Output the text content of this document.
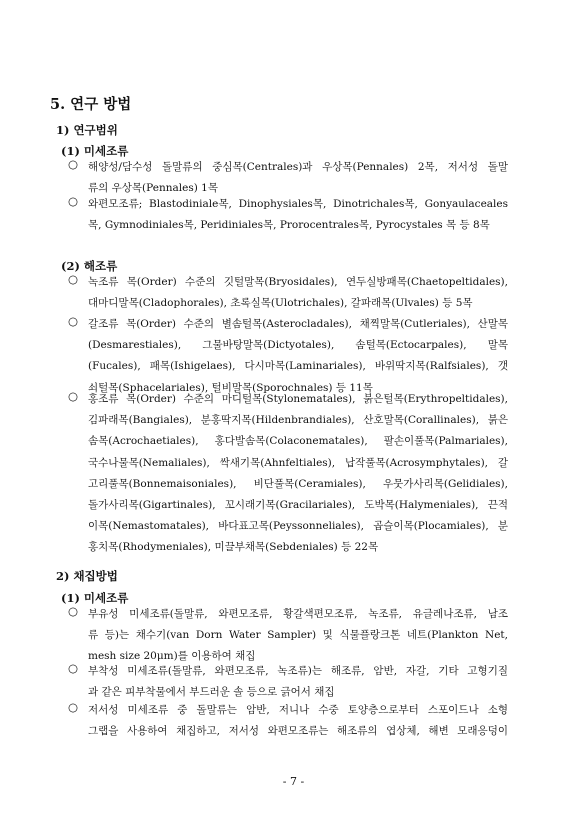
5. 연구 방법
1) 연구범위
(1) 미세조류
○ 해양성/담수성 돌말류의 중심목(Centrales)과 우상목(Pennales) 2목, 저서성 돌말
류의 우상목(Pennales) 1목
○ 와편모조류; Blastodiniale목, Dinophysiales목, Dinotrichales목, Gonyaulaceales
목, Gymnodiniales목, Peridiniales목, Prorocentrales목, Pyrocystales 목 등 8목
(2) 해조류
○ 녹조류 목(Order) 수준의 깃털말목(Bryosidales), 연두실방패목(Chaetopeltidales),
대마디말목(Cladophorales), 초록실목(Ulotrichales), 갈파래목(Ulvales) 등 5목
○ 갈조류 목(Order) 수준의 별솜털목(Asterocladales), 채찍말목(Cutleriales), 산말목
(Desmarestiales), 그물바탕말목(Dictyotales), 솜털목(Ectocarpales), 말목
(Fucales), 패목(Ishigelaes), 다시마목(Laminariales), 바위딱지목(Ralfsiales), 갯
쇠털목(Sphacelariales), 털비말목(Sporochnales) 등 11목
○ 홍조류 목(Order) 수준의 마디털목(Stylonematales), 붉은털목(Erythropeltidales),
김파래목(Bangiales), 분홍딱지목(Hildenbrandiales), 산호말목(Corallinales), 붉은
솜목(Acrochaetiales), 홍다발솜목(Colaconematales), 팔손이풀목(Palmariales),
국수나물목(Nemaliales), 싹새기목(Ahnfeltiales), 납작풀목(Acrosymphytales), 갈
고리풀목(Bonnemaisoniales), 비단풀목(Ceramiales), 우뭇가사리목(Gelidiales),
돌가사리목(Gigartinales), 꼬시래기목(Gracilariales), 도박목(Halymeniales), 끈적
이목(Nemastomatales), 바다표고목(Peyssonneliales), 곱슬이목(Plocamiales), 분
홍치목(Rhodymeniales), 미끌부채목(Sebdeniales) 등 22목
2) 채집방법
(1) 미세조류
○ 부유성 미세조류(돌말류, 와편모조류, 황갈색편모조류, 녹조류, 유글레나조류, 남조
류 등)는 채수기(van Dorn Water Sampler) 및 식물플랑크톤 네트(Plankton Net,
mesh size 20μm)를 이용하여 채집
○ 부착성 미세조류(돌말류, 와편모조류, 녹조류)는 해조류, 암반, 자갈, 기타 고형기질
과 같은 피부착물에서 부드러운 솔 등으로 긁어서 채집
○ 저서성 미세조류 중 돌말류는 암반, 저니나 수중 토양층으로부터 스포이드나 소형
그랩을 사용하여 채집하고, 저서성 와편모조류는 해조류의 엽상체, 해변 모래응덩이
- 7 -
